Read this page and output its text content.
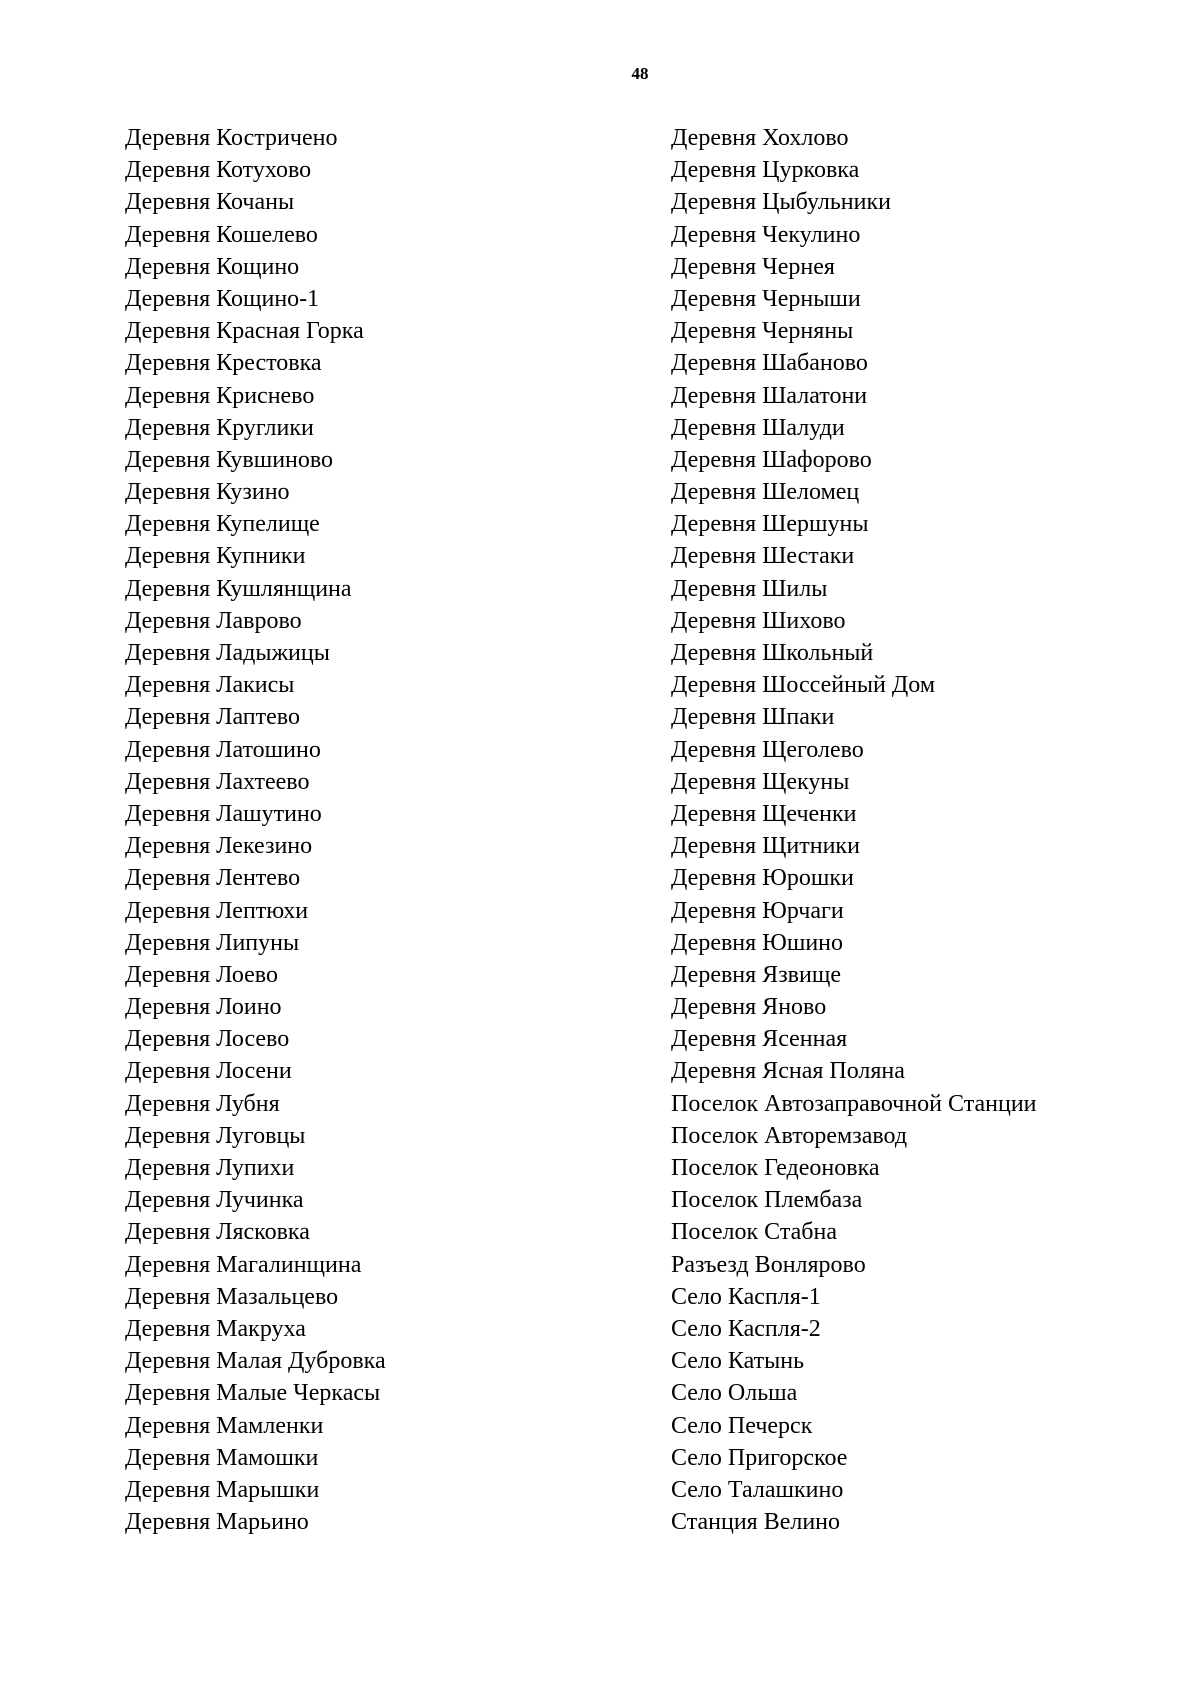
48
Деревня Костричено
Деревня Котухово
Деревня Кочаны
Деревня Кошелево
Деревня Кощино
Деревня Кощино-1
Деревня Красная Горка
Деревня Крестовка
Деревня Криснево
Деревня Круглики
Деревня Кувшиново
Деревня Кузино
Деревня Купелище
Деревня Купники
Деревня Кушлянщина
Деревня Лаврово
Деревня Ладыжицы
Деревня Лакисы
Деревня Лаптево
Деревня Латошино
Деревня Лахтеево
Деревня Лашутино
Деревня Лекезино
Деревня Лентево
Деревня Лептюхи
Деревня Липуны
Деревня Лоево
Деревня Лоино
Деревня Лосево
Деревня Лосени
Деревня Лубня
Деревня Луговцы
Деревня Лупихи
Деревня Лучинка
Деревня Лясковка
Деревня Магалинщина
Деревня Мазальцево
Деревня Макруха
Деревня Малая Дубровка
Деревня Малые Черкасы
Деревня Мамленки
Деревня Мамошки
Деревня Марышки
Деревня Марьино
Деревня Хохлово
Деревня Цурковка
Деревня Цыбульники
Деревня Чекулино
Деревня Чернея
Деревня Черныши
Деревня Черняны
Деревня Шабаново
Деревня Шалатони
Деревня Шалуди
Деревня Шафорово
Деревня Шеломец
Деревня Шершуны
Деревня Шестаки
Деревня Шилы
Деревня Шихово
Деревня Школьный
Деревня Шоссейный Дом
Деревня Шпаки
Деревня Щеголево
Деревня Щекуны
Деревня Щеченки
Деревня Щитники
Деревня Юрошки
Деревня Юрчаги
Деревня Юшино
Деревня Язвище
Деревня Яново
Деревня Ясенная
Деревня Ясная Поляна
Поселок Автозаправочной Станции
Поселок Авторемзавод
Поселок Гедеоновка
Поселок Плембаза
Поселок Стабна
Разъезд Вонлярово
Село Каспля-1
Село Каспля-2
Село Катынь
Село Ольша
Село Печерск
Село Пригорское
Село Талашкино
Станция Велино
